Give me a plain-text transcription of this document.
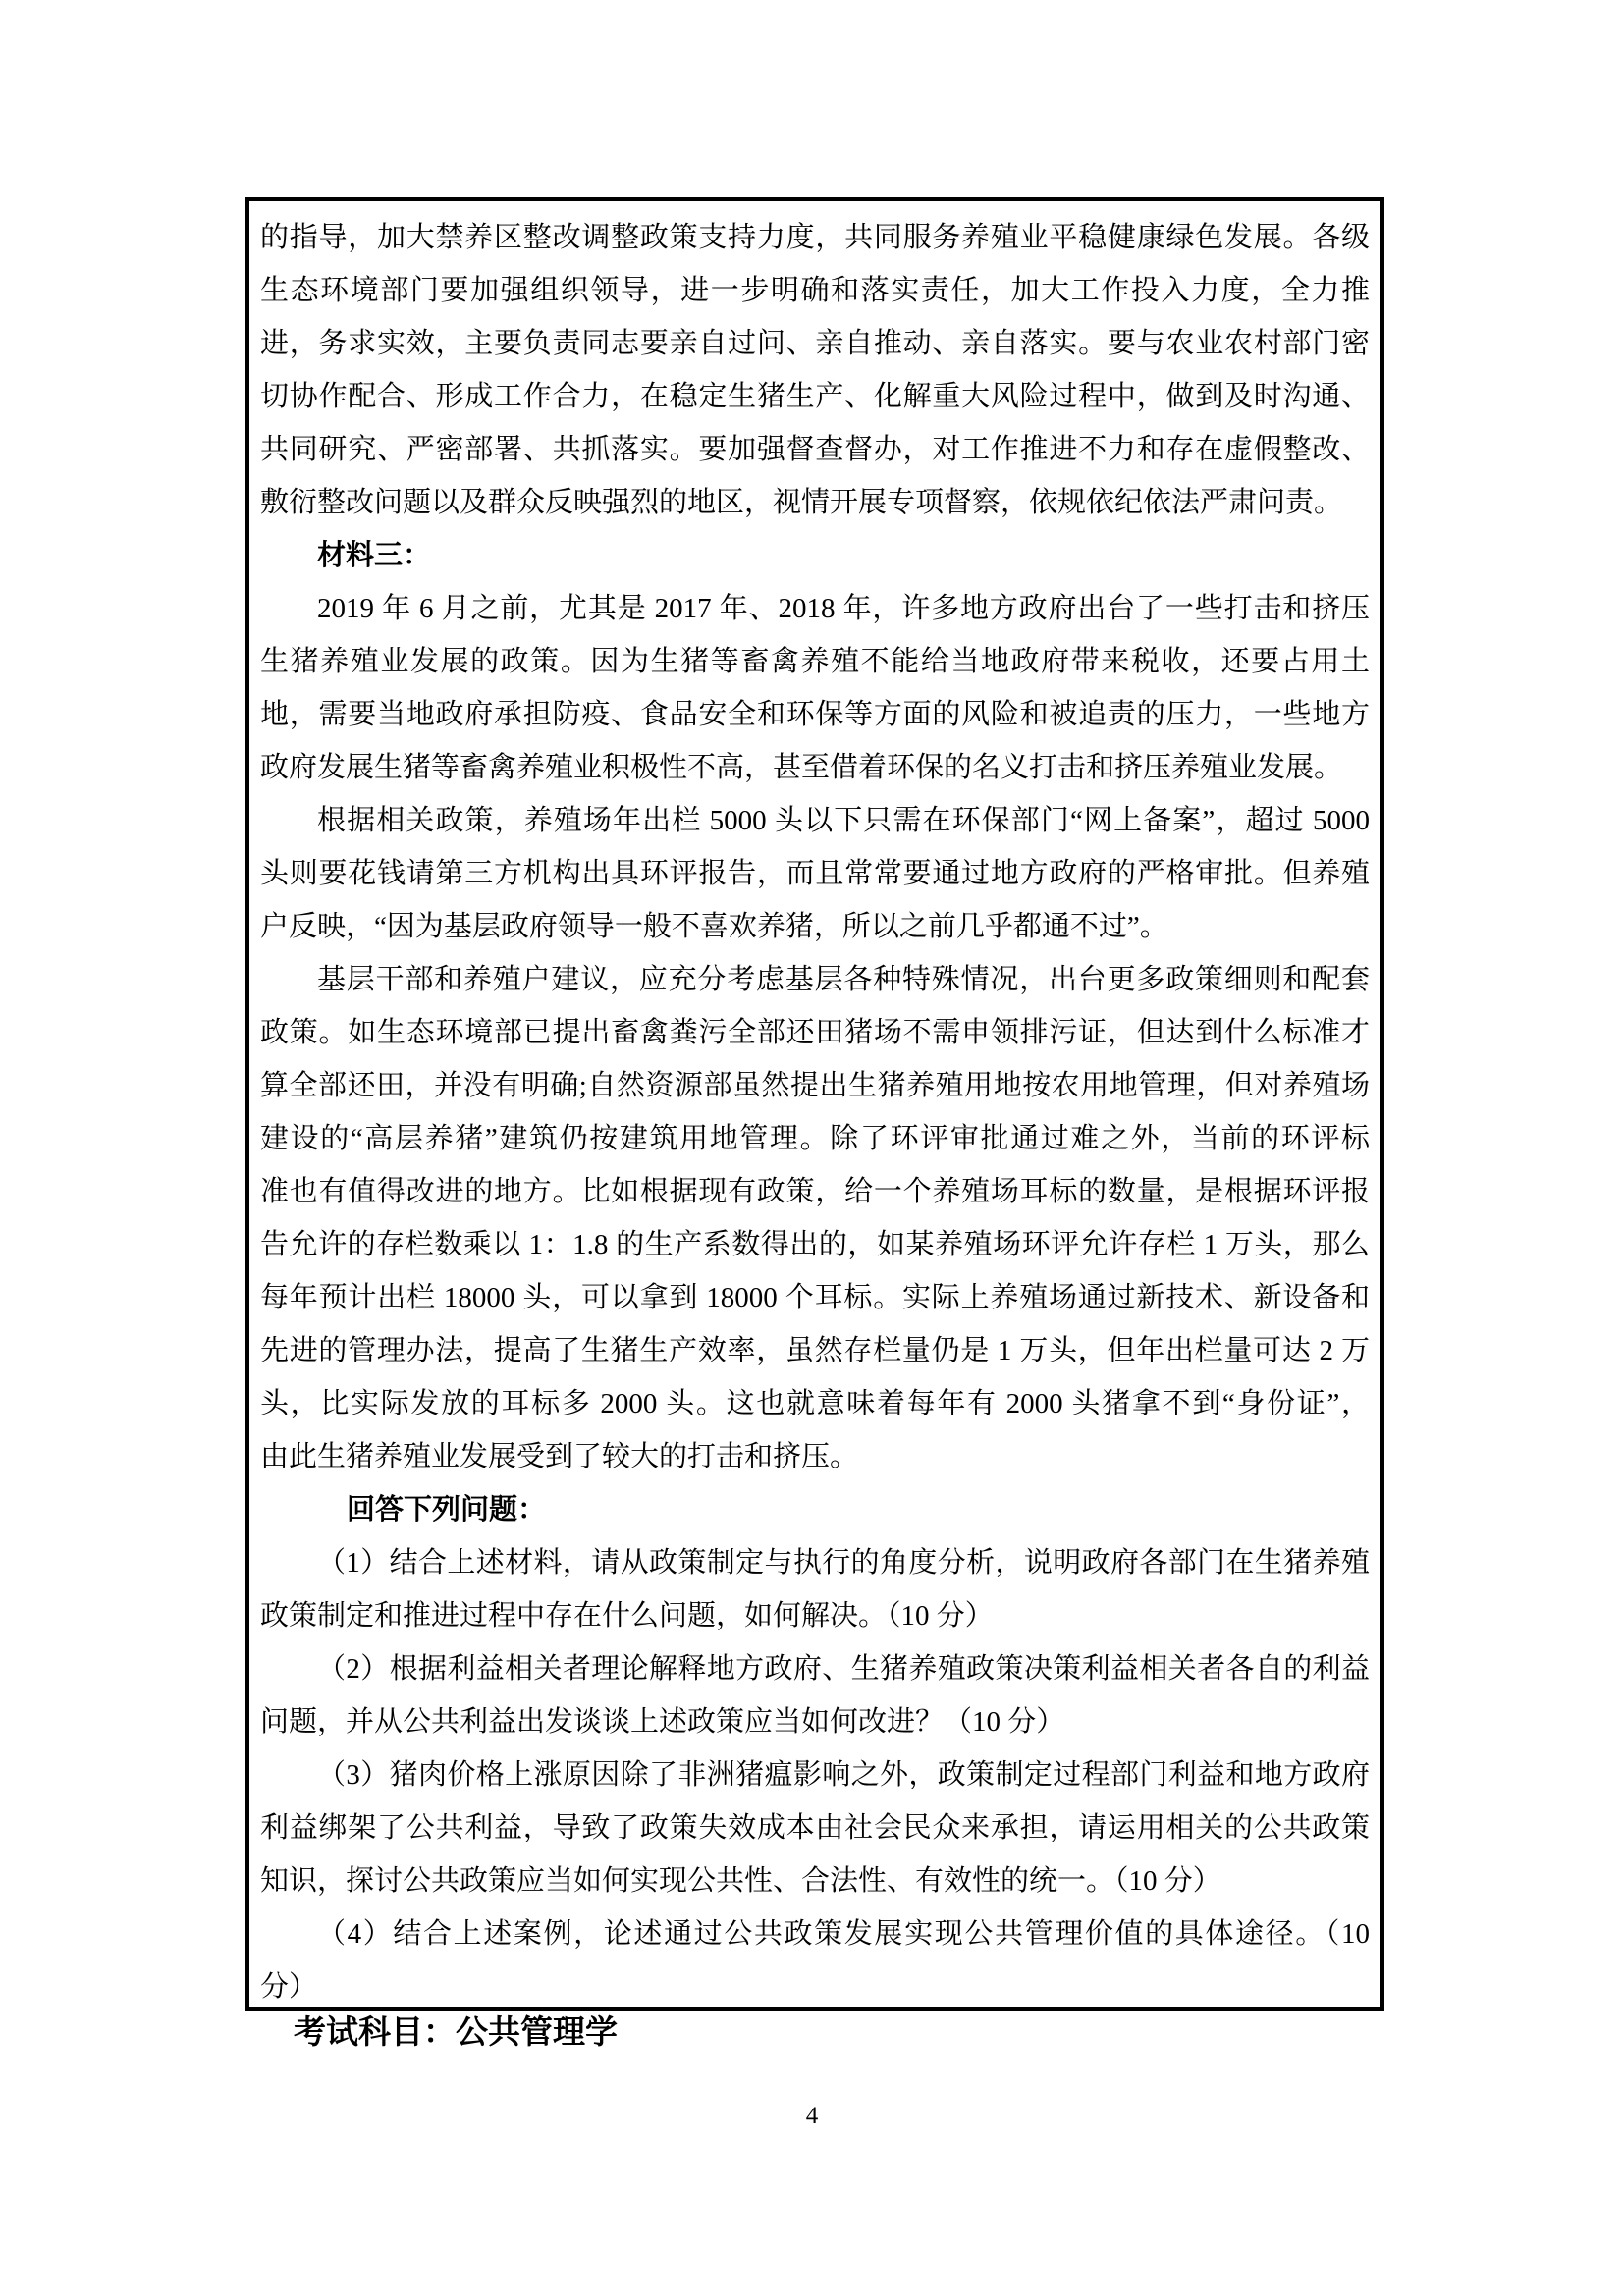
的指导，加大禁养区整改调整政策支持力度，共同服务养殖业平稳健康绿色发展。各级
生态环境部门要加强组织领导，进一步明确和落实责任，加大工作投入力度，全力推
进，务求实效，主要负责同志要亲自过问、亲自推动、亲自落实。要与农业农村部门密
切协作配合、形成工作合力，在稳定生猪生产、化解重大风险过程中，做到及时沟通、
共同研究、严密部署、共抓落实。要加强督查督办，对工作推进不力和存在虚假整改、
敷衍整改问题以及群众反映强烈的地区，视情开展专项督察，依规依纪依法严肃问责。
材料三：
2019 年 6 月之前，尤其是 2017 年、2018 年，许多地方政府出台了一些打击和挤压
生猪养殖业发展的政策。因为生猪等畜禽养殖不能给当地政府带来税收，还要占用土
地，需要当地政府承担防疫、食品安全和环保等方面的风险和被追责的压力，一些地方
政府发展生猪等畜禽养殖业积极性不高，甚至借着环保的名义打击和挤压养殖业发展。
根据相关政策，养殖场年出栏 5000 头以下只需在环保部门“网上备案”，超过 5000
头则要花钱请第三方机构出具环评报告，而且常常要通过地方政府的严格审批。但养殖
户反映，“因为基层政府领导一般不喜欢养猪，所以之前几乎都通不过”。
基层干部和养殖户建议，应充分考虑基层各种特殊情况，出台更多政策细则和配套
政策。如生态环境部已提出畜禽粪污全部还田猪场不需申领排污证，但达到什么标准才
算全部还田，并没有明确;自然资源部虽然提出生猪养殖用地按农用地管理，但对养殖场
建设的“高层养猪”建筑仍按建筑用地管理。除了环评审批通过难之外，当前的环评标
准也有值得改进的地方。比如根据现有政策，给一个养殖场耳标的数量，是根据环评报
告允许的存栏数乘以 1：1.8 的生产系数得出的，如某养殖场环评允许存栏 1 万头，那么
每年预计出栏 18000 头，可以拿到 18000 个耳标。实际上养殖场通过新技术、新设备和
先进的管理办法，提高了生猪生产效率，虽然存栏量仍是 1 万头，但年出栏量可达 2 万
头，比实际发放的耳标多 2000 头。这也就意味着每年有 2000 头猪拿不到“身份证”，
由此生猪养殖业发展受到了较大的打击和挤压。
回答下列问题：
（1）结合上述材料，请从政策制定与执行的角度分析，说明政府各部门在生猪养殖
政策制定和推进过程中存在什么问题，如何解决。（10 分）
（2）根据利益相关者理论解释地方政府、生猪养殖政策决策利益相关者各自的利益
问题，并从公共利益出发谈谈上述政策应当如何改进？（10 分）
（3）猪肉价格上涨原因除了非洲猪瘟影响之外，政策制定过程部门利益和地方政府
利益绑架了公共利益，导致了政策失效成本由社会民众来承担，请运用相关的公共政策
知识，探讨公共政策应当如何实现公共性、合法性、有效性的统一。（10 分）
（4）结合上述案例，论述通过公共政策发展实现公共管理价值的具体途径。（10
分）
考试科目：公共管理学
4
